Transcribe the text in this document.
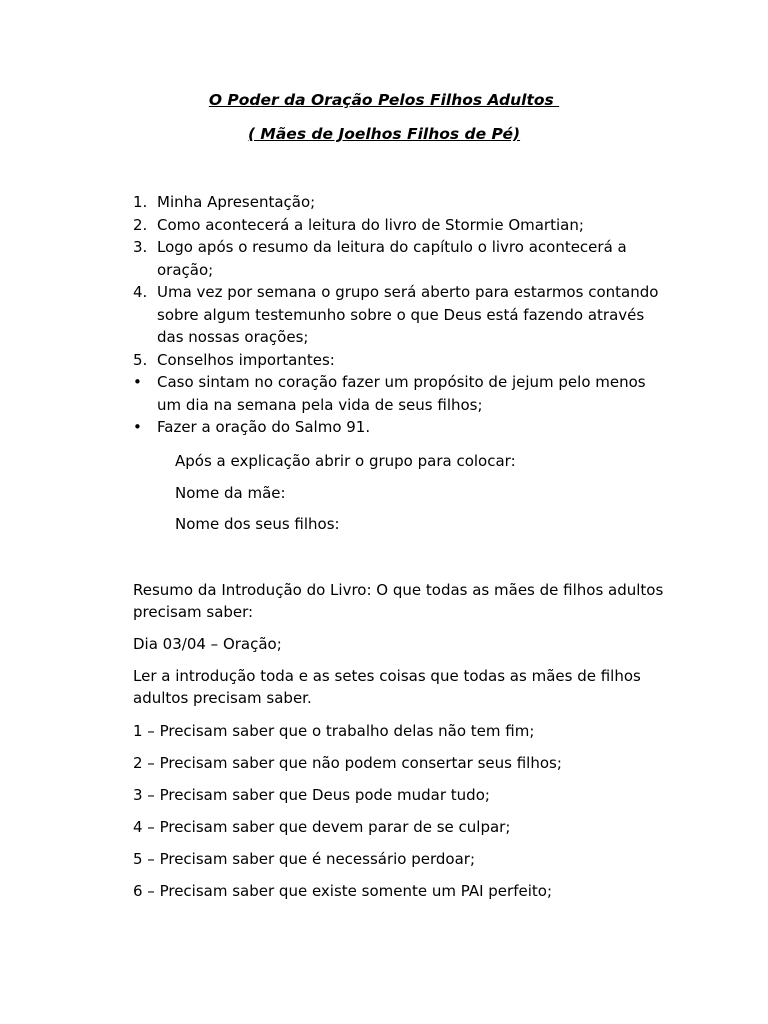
O Poder da Oração Pelos Filhos Adultos
( Mães de Joelhos Filhos de Pé)
1. Minha Apresentação;
2. Como acontecerá a leitura do livro de Stormie Omartian;
3. Logo após o resumo da leitura do capítulo o livro acontecerá a oração;
4. Uma vez por semana o grupo será aberto para estarmos contando sobre algum testemunho sobre o que Deus está fazendo através das nossas orações;
5. Conselhos importantes:
•	Caso sintam no coração fazer um propósito de jejum pelo menos um dia na semana pela vida de seus filhos;
•	Fazer a oração do Salmo 91.
Após a explicação abrir o grupo para colocar:
Nome da mãe:
Nome dos seus filhos:
Resumo da Introdução do Livro: O que todas as mães de filhos adultos precisam saber:
Dia 03/04 – Oração;
Ler a introdução toda e as setes coisas que todas as mães de filhos adultos precisam saber.
1 – Precisam saber que o trabalho delas não tem fim;
2 – Precisam saber que não podem consertar seus filhos;
3 – Precisam saber que Deus pode mudar tudo;
4 – Precisam saber que devem parar de se culpar;
5 – Precisam saber que é necessário perdoar;
6 – Precisam saber que existe somente um PAI perfeito;
